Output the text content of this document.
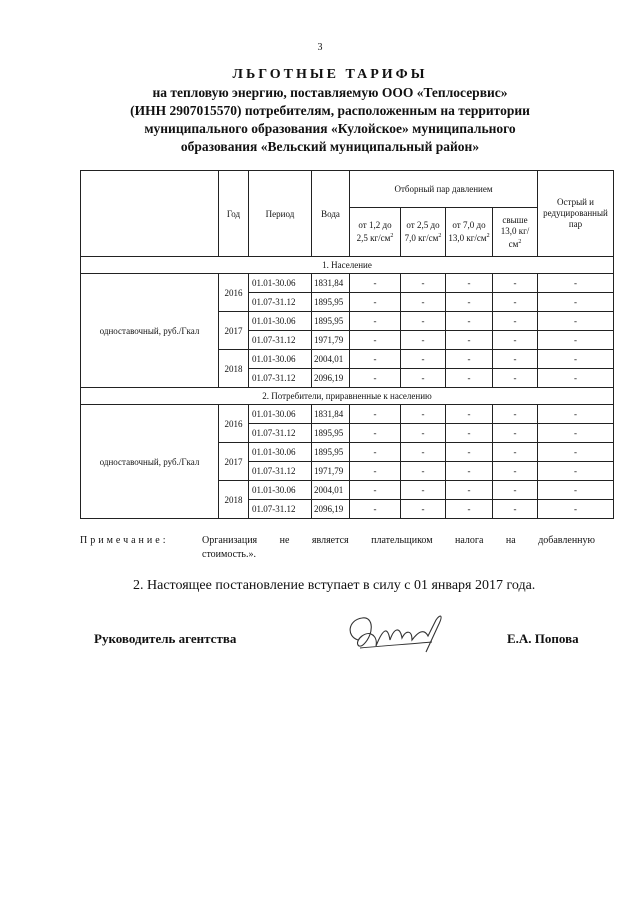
3
ЛЬГОТНЫЕ ТАРИФЫ
на тепловую энергию, поставляемую ООО «Теплосервис»
(ИНН 2907015570) потребителям, расположенным на территории
муниципального образования «Кулойское» муниципального
образования «Вельский муниципальный район»
	Год	Период	Вода	Отборный пар давлением				Острый и редуцированный пар
				от 1,2 до 2,5 $кг/см^2$	от 2,5 до 7,0 $кг/см^2$	от 7,0 до 13,0 $кг/см^2$	свыше 13,0 $кг/см^2$
1. Население								
одноставочный, руб./Гкал	2016	01.01-30.06	1831,84	-	-	-	-	-
		01.07-31.12	1895,95	-	-	-	-	-
	2017	01.01-30.06	1895,95	-	-	-	-	-
		01.07-31.12	1971,79	-	-	-	-	-
	2018	01.01-30.06	2004,01	-	-	-	-	-
		01.07-31.12	2096,19	-	-	-	-	-
2. Потребители, приравненные к населению								
одноставочный, руб./Гкал	2016	01.01-30.06	1831,84	-	-	-	-	-
		01.07-31.12	1895,95	-	-	-	-	-
	2017	01.01-30.06	1895,95	-	-	-	-	-
		01.07-31.12	1971,79	-	-	-	-	-
	2018	01.01-30.06	2004,01	-	-	-	-	-
		01.07-31.12	2096,19	-	-	-	-	-
Примечание:	Организация не является плательщиком налога на добавленную
стоимость.».
2. Настоящее постановление вступает в силу с 01 января 2017 года.
Руководитель агентства	Е.А. Попова
